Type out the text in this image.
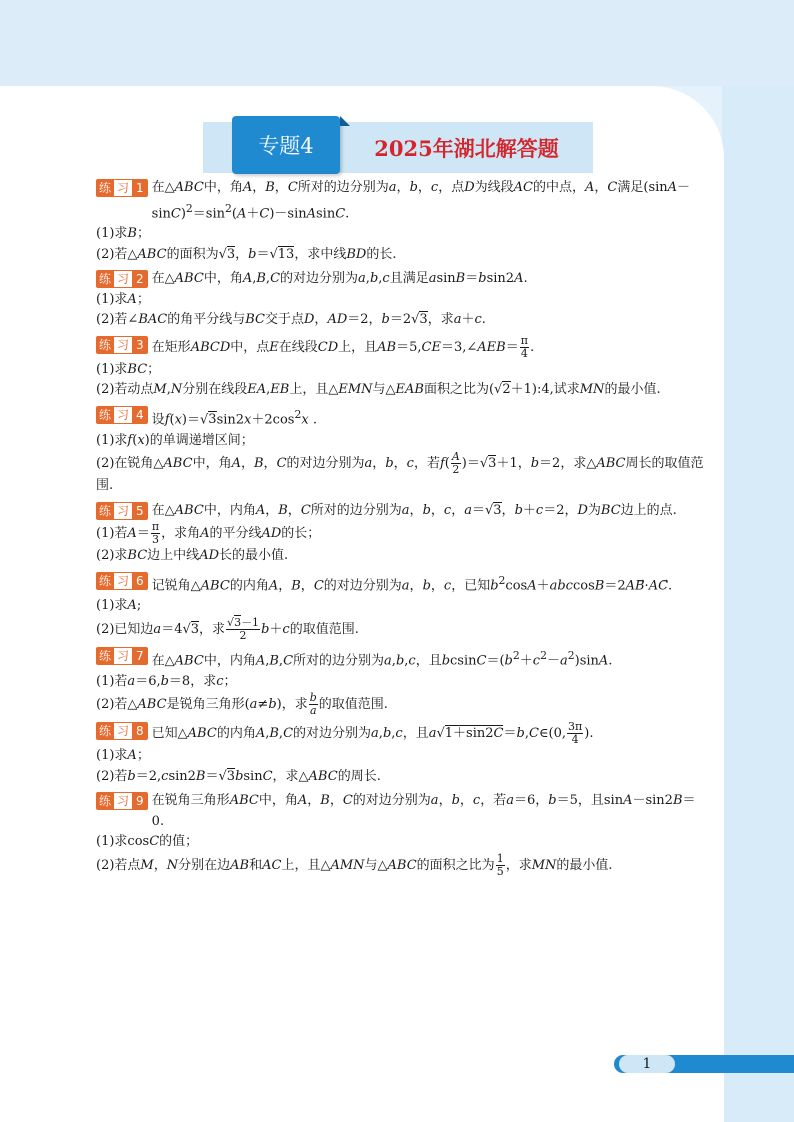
专题4	2025年湖北解答题
练 习 1 在△ABC中，角A，B，C所对的边分别为a，b，c，点D为线段AC的中点，A，C满足$(\sin A-\sin C)^2=\sin^2(A+C)-sinAsinC$.
(1)求B；
(2)若△ABC的面积为√3，b＝√13，求中线BD的长.
练 习 2 在△ABC中，角A,B,C的对边分别为a,b,c且满足asinB＝bsin2A.
(1)求A；
(2)若∠BAC的角平分线与BC交于点D，AD＝2，b＝2√3，求a＋c.
练 习 3 在矩形ABCD中，点E在线段CD上，且AB＝5,CE＝3,∠AEB＝ $\frac{\pi}{4}$ .
(1)求BC；
(2)若动点M,N分别在线段EA,EB上，且△EMN与△EAB面积之比为(√2＋1):4,试求MN的最小值.
练 习 4 设$f(x)=√3\sin 2x+2\cos^2x$ .
(1)求f(x)的单调递增区间；
(2)在锐角△ABC中，角A，B，C的对边分别为a，b，c，若$f( \frac{A}{2} )=√3+1$，b＝2，求△ABC周长的取值范围.
练 习 5 在△ABC中，内角A，B，C所对的边分别为a，b，c，a＝√3，b＋c＝2，D为BC边上的点.
(1)若$A= \frac{\pi}{3}$ ，求角A的平分线AD的长；
(2)求BC边上中线AD长的最小值.
练 习 6 记锐角△ABC的内角A，B，C的对边分别为a，b，c，已知$b^2\cos A+abccosB=2AB⃗\cdot AC⃗$.
(1)求A;
(2)已知边a＝4√3，求 $\frac{√3-1}{2} b+c$的取值范围.
练 习 7 在△ABC中，内角A,B,C所对的边分别为a,b,c，且$bcsinC=(b^2+c^2-a^2)\sin A$.
(1)若a＝6,b＝8，求c；
(2)若△ABC是锐角三角形(a≠b)，求 $\frac{b}{a}$ 的取值范围.
练 习 8 已知△ABC的内角A,B,C的对边分别为a,b,c，且a√1＋sin2C＝b,C∈(0, $\frac{3\pi}{4}$ ).
(1)求A；
(2)若b＝2,csin2B＝√3bsinC，求△ABC的周长.
练 习 9 在锐角三角形ABC中，角A，B，C的对边分别为a，b，c，若a＝6，b＝5，且sinA－sin2B＝0.
(1)求cosC的值；
(2)若点M，N分别在边AB和AC上，且△AMN与△ABC的面积之比为 $\frac{1}{5}$ ，求MN的最小值.
1
